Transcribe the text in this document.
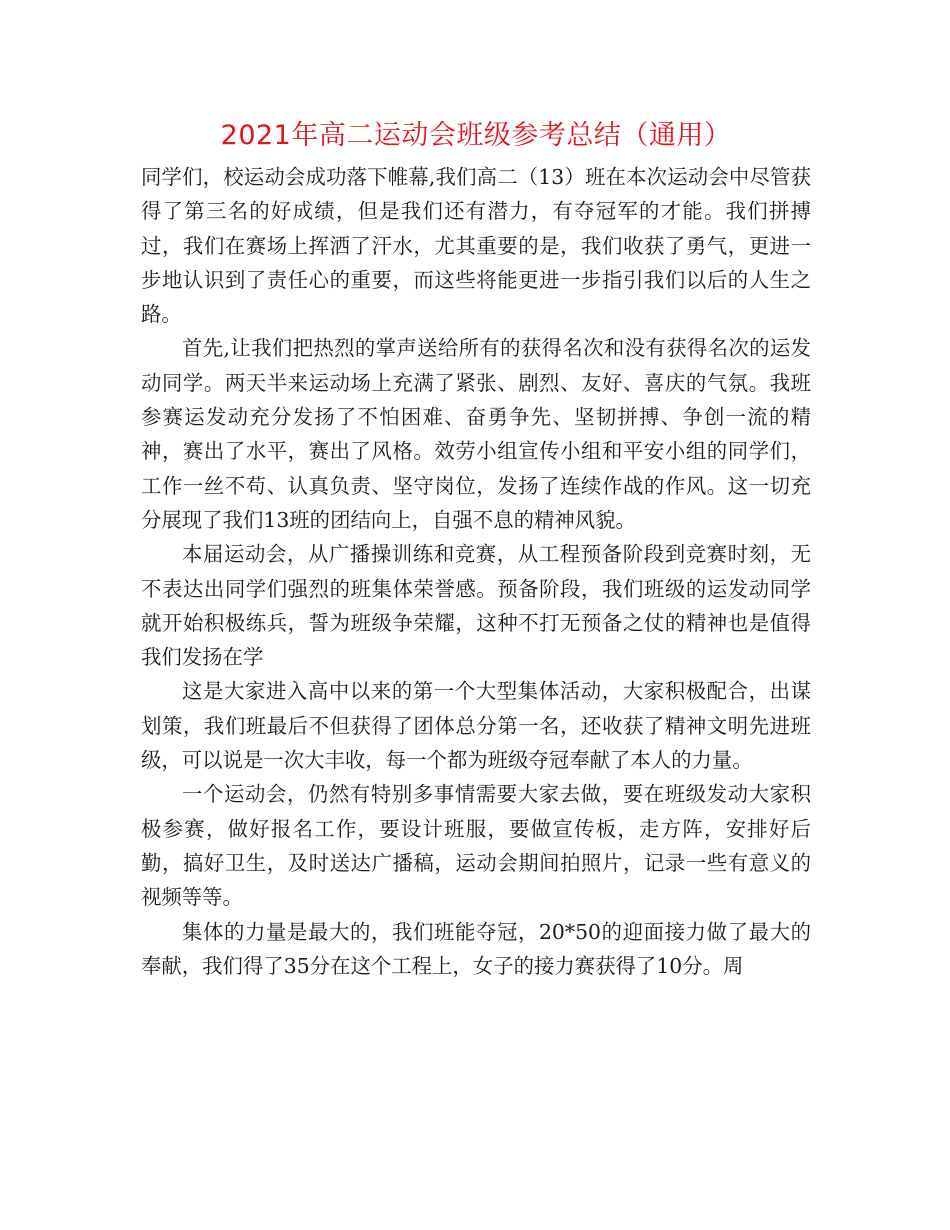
2021年高二运动会班级参考总结（通用）

同学们，校运动会成功落下帷幕,我们高二（13）班在本次运动会中尽管获得了第三名的好成绩，但是我们还有潜力，有夺冠军的才能。我们拼搏过，我们在赛场上挥洒了汗水，尤其重要的是，我们收获了勇气，更进一步地认识到了责任心的重要，而这些将能更进一步指引我们以后的人生之路。

首先,让我们把热烈的掌声送给所有的获得名次和没有获得名次的运发动同学。两天半来运动场上充满了紧张、剧烈、友好、喜庆的气氛。我班参赛运发动充分发扬了不怕困难、奋勇争先、坚韧拼搏、争创一流的精神，赛出了水平，赛出了风格。效劳小组宣传小组和平安小组的同学们，工作一丝不苟、认真负责、坚守岗位，发扬了连续作战的作风。这一切充分展现了我们13班的团结向上，自强不息的精神风貌。

本届运动会，从广播操训练和竞赛，从工程预备阶段到竞赛时刻，无不表达出同学们强烈的班集体荣誉感。预备阶段，我们班级的运发动同学就开始积极练兵，誓为班级争荣耀，这种不打无预备之仗的精神也是值得我们发扬在学

这是大家进入高中以来的第一个大型集体活动，大家积极配合，出谋划策，我们班最后不但获得了团体总分第一名，还收获了精神文明先进班级，可以说是一次大丰收，每一个都为班级夺冠奉献了本人的力量。

一个运动会，仍然有特别多事情需要大家去做，要在班级发动大家积极参赛，做好报名工作，要设计班服，要做宣传板，走方阵，安排好后勤，搞好卫生，及时送达广播稿，运动会期间拍照片，记录一些有意义的视频等等。

集体的力量是最大的，我们班能夺冠，20*50的迎面接力做了最大的奉献，我们得了35分在这个工程上，女子的接力赛获得了10分。周
